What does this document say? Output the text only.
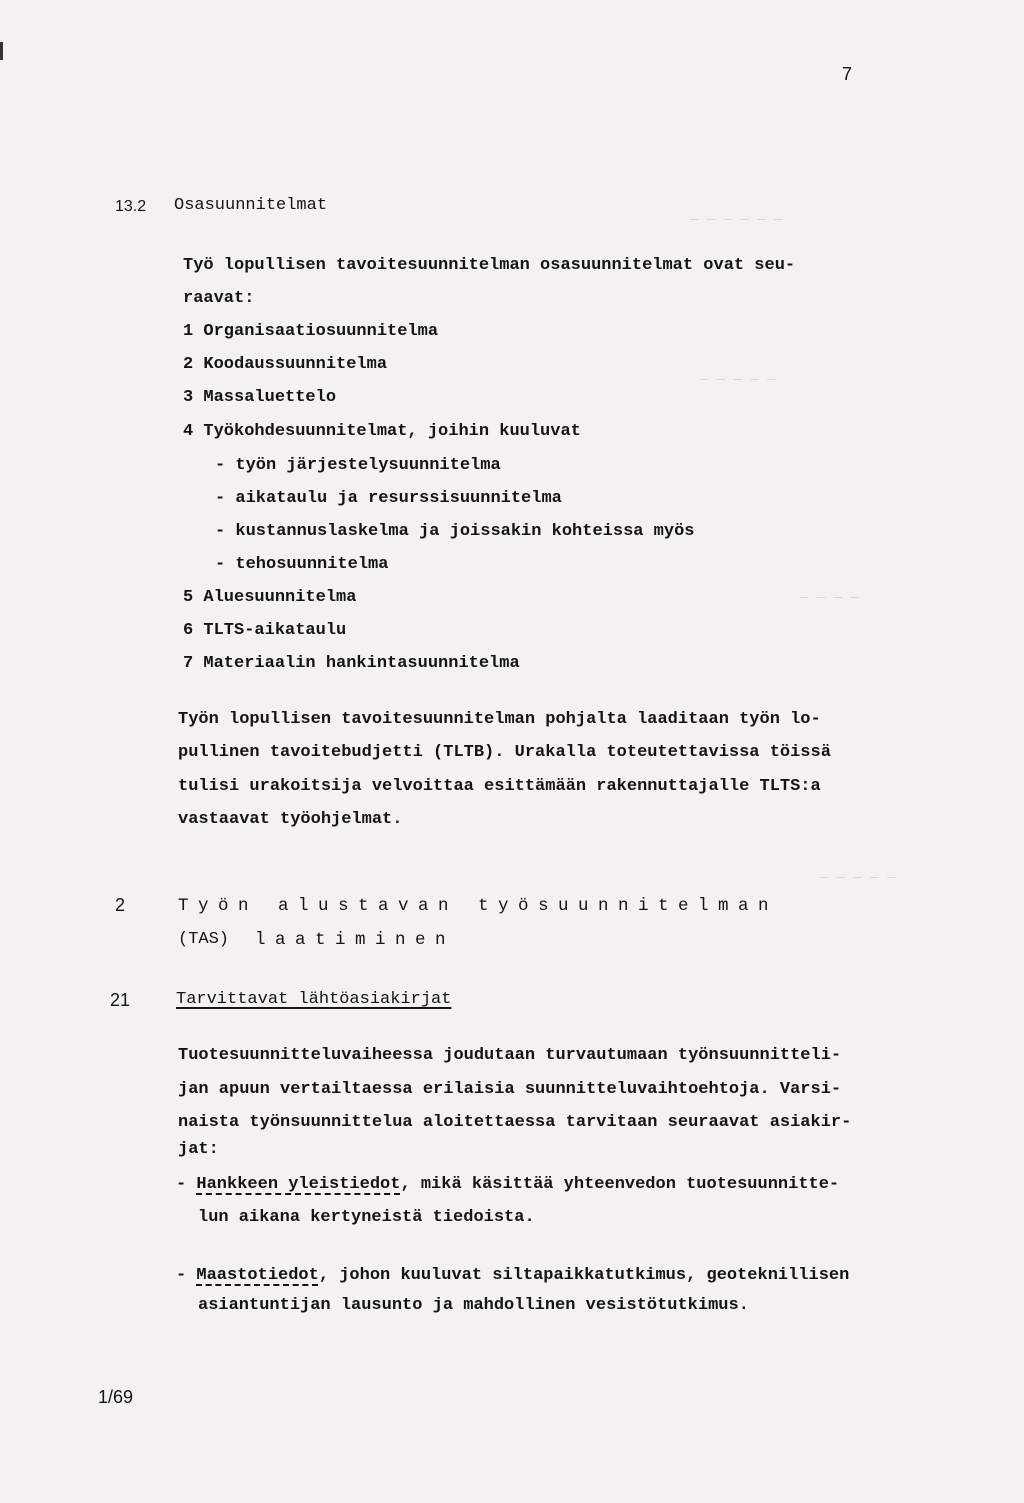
— — — — — —
— — — — —
— — — —
— — — — —
7
13.2 Osasuunnitelmat
Työ lopullisen tavoitesuunnitelman osasuunnitelmat ovat seu-
raavat:
1 Organisaatiosuunnitelma
2 Koodaussuunnitelma
3 Massaluettelo
4 Työkohdesuunnitelmat, joihin kuuluvat
- työn järjestelysuunnitelma
- aikataulu ja resurssisuunnitelma
- kustannuslaskelma ja joissakin kohteissa myös
- tehosuunnitelma
5 Aluesuunnitelma
6 TLTS-aikataulu
7 Materiaalin hankintasuunnitelma
Työn lopullisen tavoitesuunnitelman pohjalta laaditaan työn lo-
pullinen tavoitebudjetti (TLTB). Urakalla toteutettavissa töissä
tulisi urakoitsija velvoittaa esittämään rakennuttajalle TLTS:a
vastaavat työohjelmat.
2	Työn alustavan työsuunnitelman
(TAS) laatiminen
21	Tarvittavat lähtöasiakirjat
Tuotesuunnitteluvaiheessa joudutaan turvautumaan työnsuunnitteli-
jan apuun vertailtaessa erilaisia suunnitteluvaihtoehtoja. Varsi-
naista työnsuunnittelua aloitettaessa tarvitaan seuraavat asiakir-
jat:
- Hankkeen yleistiedot, mikä käsittää yhteenvedon tuotesuunnitte-
lun aikana kertyneistä tiedoista.
- Maastotiedot, johon kuuluvat siltapaikkatutkimus, geoteknillisen
asiantuntijan lausunto ja mahdollinen vesistötutkimus.
1/69
